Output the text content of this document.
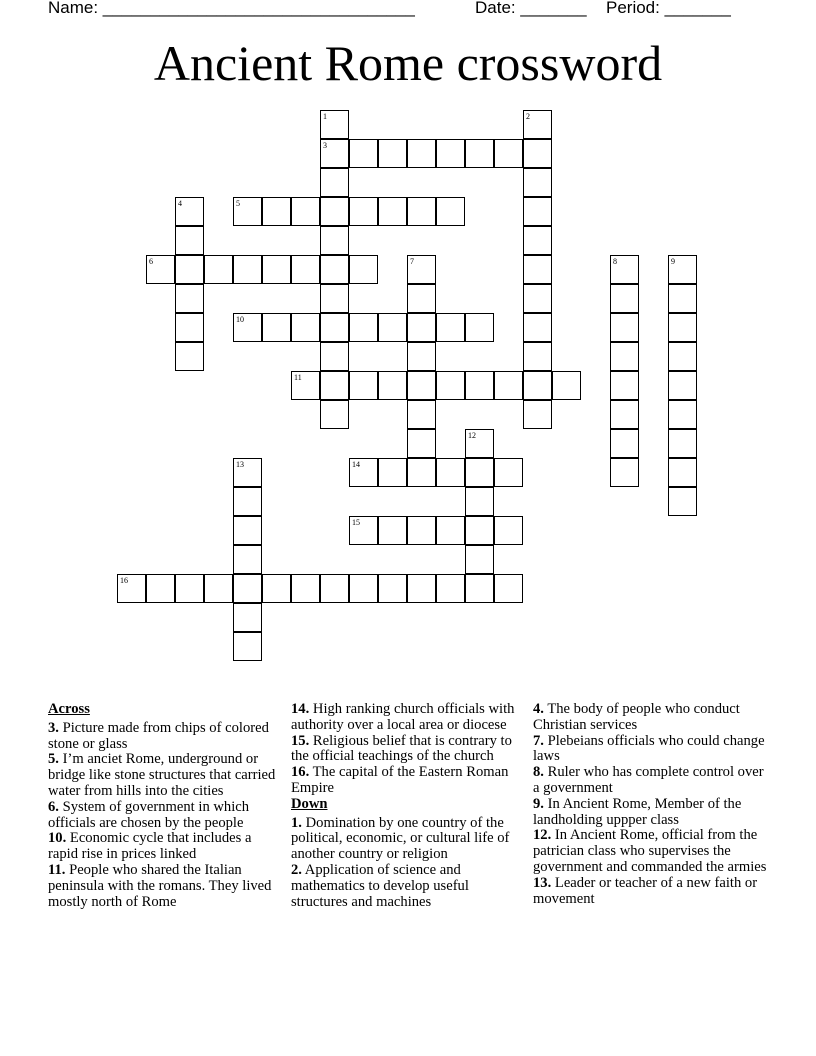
Name: _________________________________	Date: _______ Period: _______
Ancient Rome crossword
1	2
3
4	5
6	7	8	9
10
11
12
13	14
15
16
Across

3. Picture made from chips of colored stone or glass

5. I’m anciet Rome, underground or bridge like stone structures that carried water from hills into the cities

6. System of government in which officials are chosen by the people

10. Economic cycle that includes a rapid rise in prices linked

11. People who shared the Italian peninsula with the romans. They lived mostly north of Rome

14. High ranking church officials with authority over a local area or diocese

15. Religious belief that is contrary to the official teachings of the church

16. The capital of the Eastern Roman Empire

Down

1. Domination by one country of the political, economic, or cultural life of another country or religion

2. Application of science and mathematics to develop useful structures and machines

4. The body of people who conduct Christian services

7. Plebeians officials who could change laws

8. Ruler who has complete control over a government

9. In Ancient Rome, Member of the landholding uppper class

12. In Ancient Rome, official from the patrician class who supervises the government and commanded the armies

13. Leader or teacher of a new faith or movement
